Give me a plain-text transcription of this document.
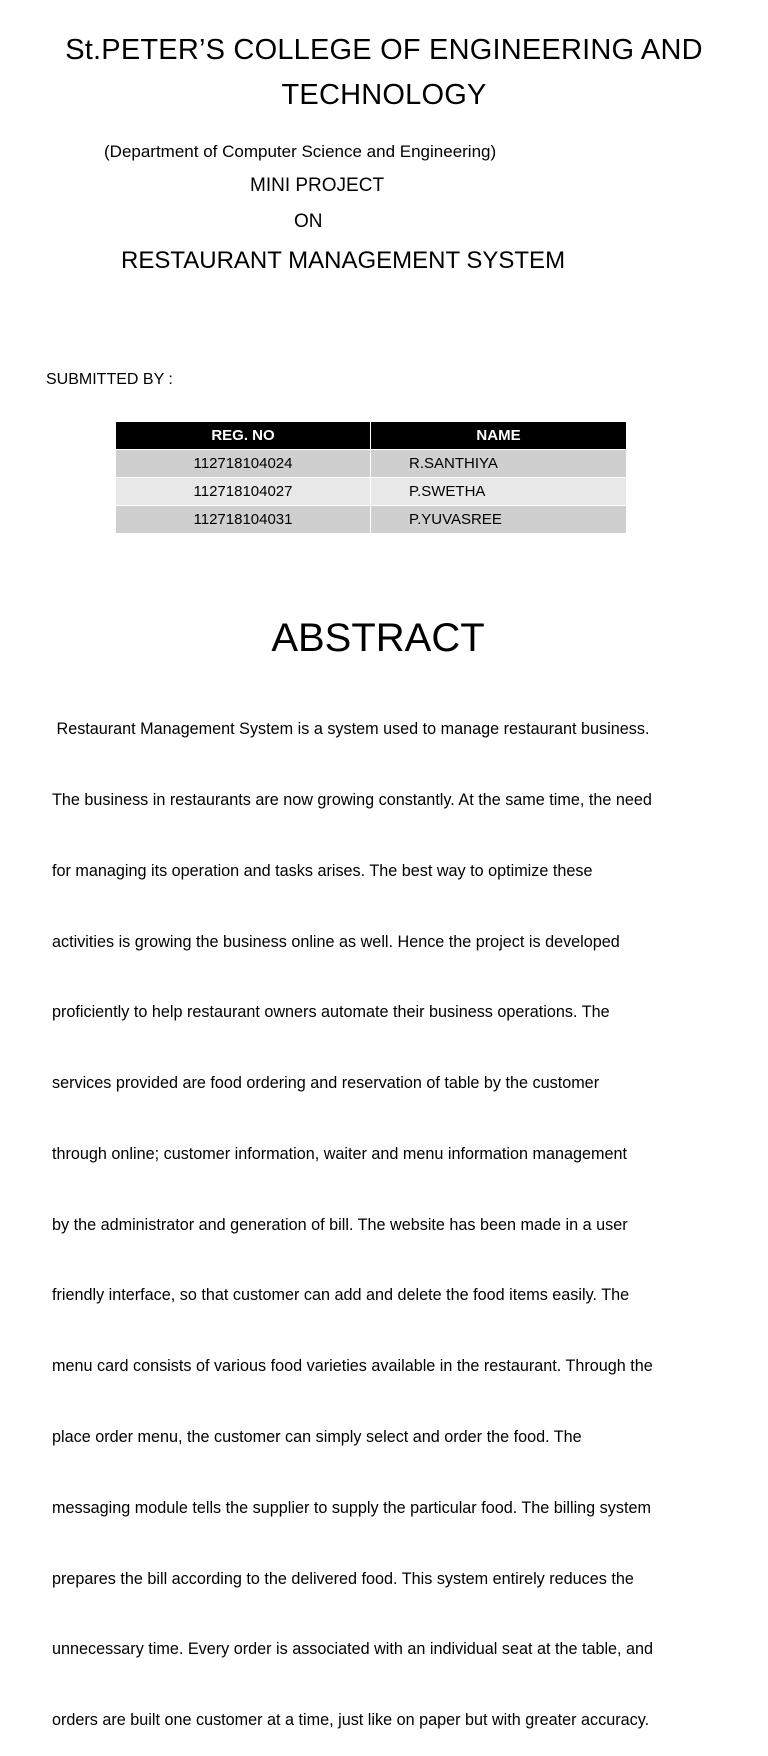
St.PETER’S COLLEGE OF ENGINEERING AND
TECHNOLOGY
(Department of Computer Science and Engineering)
MINI PROJECT
ON
RESTAURANT MANAGEMENT SYSTEM
SUBMITTED BY :
REG. NO	NAME
112718104024	R.SANTHIYA
112718104027	P.SWETHA
112718104031	P.YUVASREE
ABSTRACT

Restaurant Management System is a system used to manage restaurant business.

The business in restaurants are now growing constantly. At the same time, the need

for managing its operation and tasks arises. The best way to optimize these

activities is growing the business online as well. Hence the project is developed

proficiently to help restaurant owners automate their business operations. The

services provided are food ordering and reservation of table by the customer

through online; customer information, waiter and menu information management

by the administrator and generation of bill. The website has been made in a user

friendly interface, so that customer can add and delete the food items easily. The

menu card consists of various food varieties available in the restaurant. Through the

place order menu, the customer can simply select and order the food. The

messaging module tells the supplier to supply the particular food. The billing system

prepares the bill according to the delivered food. This system entirely reduces the

unnecessary time. Every order is associated with an individual seat at the table, and

orders are built one customer at a time, just like on paper but with greater accuracy.
